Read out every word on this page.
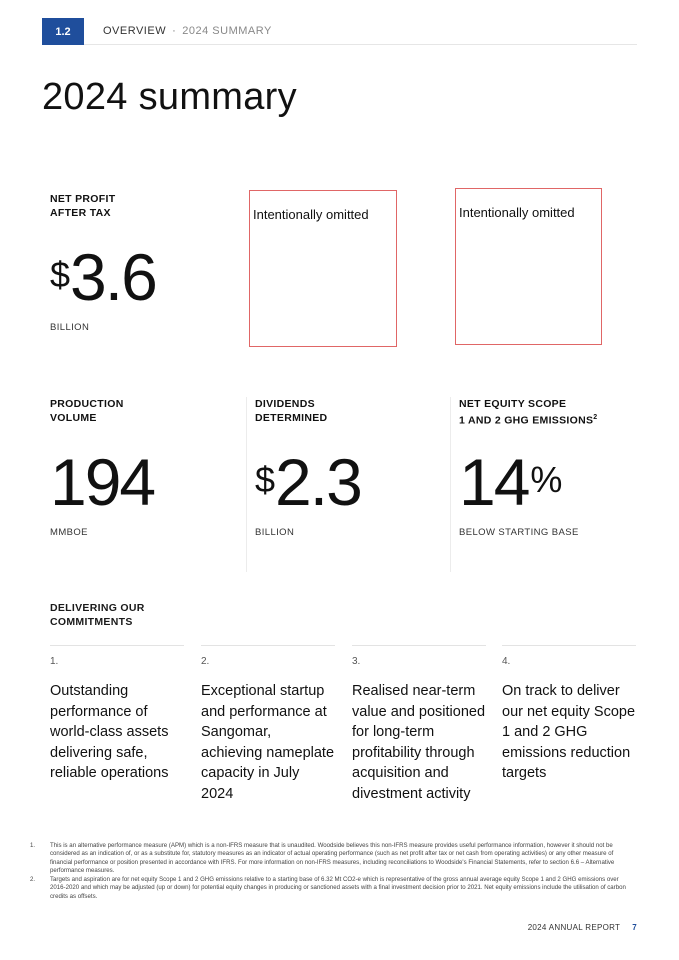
1.2	OVERVIEW · 2024 SUMMARY
2024 summary
NET PROFIT
AFTER TAX
$3.6
BILLION
Intentionally omitted	Intentionally omitted
PRODUCTION
VOLUME
194
MMBOE
DIVIDENDS
DETERMINED
$2.3
BILLION
NET EQUITY SCOPE
1 AND 2 GHG EMISSIONS$^2$
14%
BELOW STARTING BASE
DELIVERING OUR
COMMITMENTS
1.
Outstanding performance of world-class assets delivering safe, reliable operations
2.
Exceptional startup and performance at Sangomar, achieving nameplate capacity in July 2024
3.
Realised near-term value and positioned for long-term profitability through acquisition and divestment activity
4.
On track to deliver our net equity Scope 1 and 2 GHG emissions reduction targets
1.	This is an alternative performance measure (APM) which is a non-IFRS measure that is unaudited. Woodside believes this non-IFRS measure provides useful performance information, however it should not be considered as an indication of, or as a substitute for, statutory measures as an indicator of actual operating performance (such as net profit after tax or net cash from operating activities) or any other measure of financial performance or position presented in accordance with IFRS. For more information on non-IFRS measures, including reconciliations to Woodside's Financial Statements, refer to section 6.6 – Alternative performance measures.
2.	Targets and aspiration are for net equity Scope 1 and 2 GHG emissions relative to a starting base of 6.32 Mt CO2-e which is representative of the gross annual average equity Scope 1 and 2 GHG emissions over 2016-2020 and which may be adjusted (up or down) for potential equity changes in producing or sanctioned assets with a final investment decision prior to 2021. Net equity emissions include the utilisation of carbon credits as offsets.
2024 ANNUAL REPORT 7
